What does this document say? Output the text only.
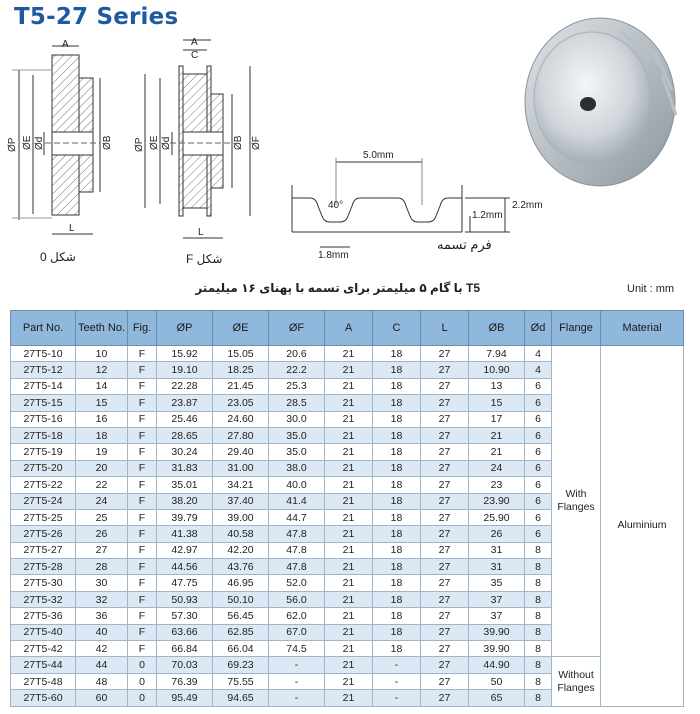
T5-27 Series
A
ØP ØE Ød	ØB
L
A
C
ØP ØE Ød	ØB ØF
L
5.0mm
40°	2.2mm
1.2mm
1.8mm
شکل 0	شکل F
فرم تسمه
T5 با گام ۵ میلیمتر برای تسمه با پهنای ۱۶ میلیمتر	Unit : mm
Part No.	Teeth No.	Fig.	ØP	ØE	ØF	A	C	L	ØB	Ød	Flange	Material
27T5-10	10	F	15.92	15.05	20.6	21	18	27	7.94	4	With Flanges	Aluminium
27T5-12	12	F	19.10	18.25	22.2	21	18	27	10.90	4		
27T5-14	14	F	22.28	21.45	25.3	21	18	27	13	6		
27T5-15	15	F	23.87	23.05	28.5	21	18	27	15	6		
27T5-16	16	F	25.46	24.60	30.0	21	18	27	17	6		
27T5-18	18	F	28.65	27.80	35.0	21	18	27	21	6		
27T5-19	19	F	30.24	29.40	35.0	21	18	27	21	6		
27T5-20	20	F	31.83	31.00	38.0	21	18	27	24	6		
27T5-22	22	F	35.01	34.21	40.0	21	18	27	23	6		
27T5-24	24	F	38.20	37.40	41.4	21	18	27	23.90	6		
27T5-25	25	F	39.79	39.00	44.7	21	18	27	25.90	6		
27T5-26	26	F	41.38	40.58	47.8	21	18	27	26	6		
27T5-27	27	F	42.97	42.20	47.8	21	18	27	31	8		
27T5-28	28	F	44.56	43.76	47.8	21	18	27	31	8		
27T5-30	30	F	47.75	46.95	52.0	21	18	27	35	8		
27T5-32	32	F	50.93	50.10	56.0	21	18	27	37	8		
27T5-36	36	F	57.30	56.45	62.0	21	18	27	37	8		
27T5-40	40	F	63.66	62.85	67.0	21	18	27	39.90	8		
27T5-42	42	F	66.84	66.04	74.5	21	18	27	39.90	8		
27T5-44	44	0	70.03	69.23	-	21	-	27	44.90	8	Without Flanges	
27T5-48	48	0	76.39	75.55	-	21	-	27	50	8		
27T5-60	60	0	95.49	94.65	-	21	-	27	65	8		
